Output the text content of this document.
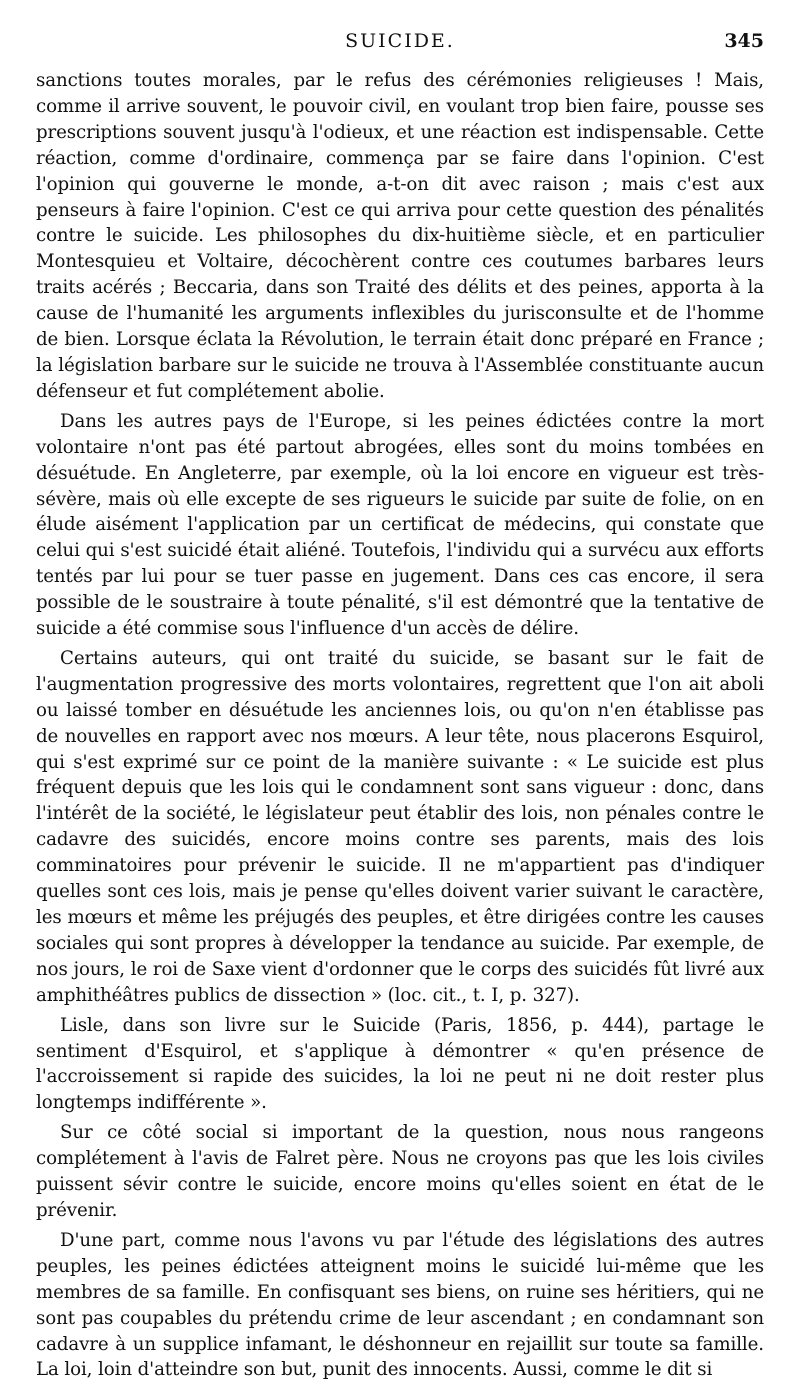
SUICIDE.	345

sanctions toutes morales, par le refus des cérémonies religieuses ! Mais, comme il arrive souvent, le pouvoir civil, en voulant trop bien faire, pousse ses prescriptions souvent jusqu'à l'odieux, et une réaction est indispensable. Cette réaction, comme d'ordinaire, commença par se faire dans l'opinion. C'est l'opinion qui gouverne le monde, a-t-on dit avec raison ; mais c'est aux penseurs à faire l'opinion. C'est ce qui arriva pour cette question des pénalités contre le suicide. Les philosophes du dix-huitième siècle, et en particulier Montesquieu et Voltaire, décochèrent contre ces coutumes barbares leurs traits acérés ; Beccaria, dans son Traité des délits et des peines, apporta à la cause de l'humanité les arguments inflexibles du jurisconsulte et de l'homme de bien. Lorsque éclata la Révolution, le terrain était donc préparé en France ; la législation barbare sur le suicide ne trouva à l'Assemblée constituante aucun défenseur et fut complétement abolie.

Dans les autres pays de l'Europe, si les peines édictées contre la mort volontaire n'ont pas été partout abrogées, elles sont du moins tombées en désuétude. En Angleterre, par exemple, où la loi encore en vigueur est très-sévère, mais où elle excepte de ses rigueurs le suicide par suite de folie, on en élude aisément l'application par un certificat de médecins, qui constate que celui qui s'est suicidé était aliéné. Toutefois, l'individu qui a survécu aux efforts tentés par lui pour se tuer passe en jugement. Dans ces cas encore, il sera possible de le soustraire à toute pénalité, s'il est démontré que la tentative de suicide a été commise sous l'influence d'un accès de délire.

Certains auteurs, qui ont traité du suicide, se basant sur le fait de l'augmentation progressive des morts volontaires, regrettent que l'on ait aboli ou laissé tomber en désuétude les anciennes lois, ou qu'on n'en établisse pas de nouvelles en rapport avec nos mœurs. A leur tête, nous placerons Esquirol, qui s'est exprimé sur ce point de la manière suivante : « Le suicide est plus fréquent depuis que les lois qui le condamnent sont sans vigueur : donc, dans l'intérêt de la société, le législateur peut établir des lois, non pénales contre le cadavre des suicidés, encore moins contre ses parents, mais des lois comminatoires pour prévenir le suicide. Il ne m'appartient pas d'indiquer quelles sont ces lois, mais je pense qu'elles doivent varier suivant le caractère, les mœurs et même les préjugés des peuples, et être dirigées contre les causes sociales qui sont propres à développer la tendance au suicide. Par exemple, de nos jours, le roi de Saxe vient d'ordonner que le corps des suicidés fût livré aux amphithéâtres publics de dissection » (loc. cit., t. I, p. 327).

Lisle, dans son livre sur le Suicide (Paris, 1856, p. 444), partage le sentiment d'Esquirol, et s'applique à démontrer « qu'en présence de l'accroissement si rapide des suicides, la loi ne peut ni ne doit rester plus longtemps indifférente ».

Sur ce côté social si important de la question, nous nous rangeons complétement à l'avis de Falret père. Nous ne croyons pas que les lois civiles puissent sévir contre le suicide, encore moins qu'elles soient en état de le prévenir.

D'une part, comme nous l'avons vu par l'étude des législations des autres peuples, les peines édictées atteignent moins le suicidé lui-même que les membres de sa famille. En confisquant ses biens, on ruine ses héritiers, qui ne sont pas coupables du prétendu crime de leur ascendant ; en condamnant son cadavre à un supplice infamant, le déshonneur en rejaillit sur toute sa famille. La loi, loin d'atteindre son but, punit des innocents. Aussi, comme le dit si
